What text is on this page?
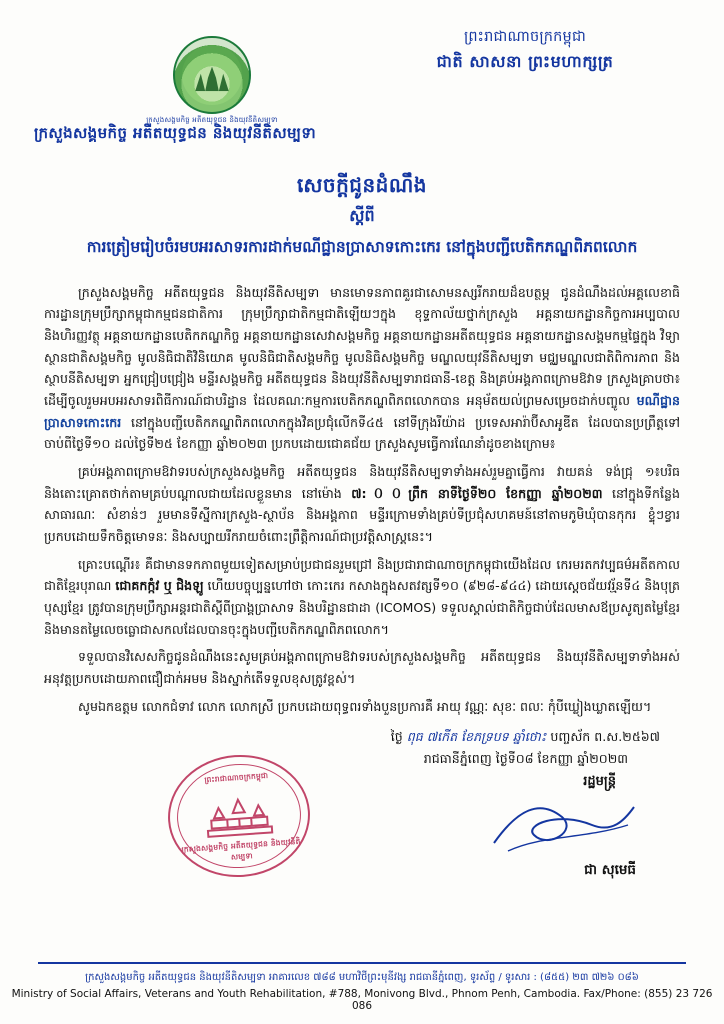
ព្រះរាជាណាចក្រកម្ពុជា
ជាតិ សាសនា ព្រះមហាក្សត្រ
ក្រសួងសង្គមកិច្ច អតីតយុទ្ធជន និងយុវនីតិសម្បទា
ក្រសួងសង្គមកិច្ច អតីតយុទ្ធជន និងយុវនីតិសម្បទា
សេចក្តីជូនដំណឹង
ស្តីពី
ការត្រៀមរៀបចំរមបអរសាទរការដាក់មណីជ្ឋានប្រាសាទកោះកេរ នៅក្នុងបញ្ជីបេតិកភណ្ឌពិភពលោក

ក្រសួងសង្គមកិច្ច អតីតយុទ្ធជន និងយុវនីតិសម្បទា មានមោទនភាពគួរជាសោមនស្សរីករាយដ៏ឧបត្ថម្ភ ជូនដំណឹងដល់អគ្គលេខាធិការដ្ឋានក្រុមប្រឹក្សាកម្ពុជាកម្មជនជាតិការ ក្រុមប្រឹក្សាជាតិកម្មជាតិឡើយៗក្នុង ខុទ្ទកាល័យថ្នាក់ក្រសួង អគ្គនាយកដ្ឋានកិច្ចការអប្បបាលនិងហិរញ្ញវត្ថុ អគ្គនាយកដ្ឋានបេតិកភណ្ឌកិច្ច អគ្គនាយកដ្ឋានសេវាសង្គមកិច្ច អគ្គនាយកដ្ឋានអតីតយុទ្ធជន អគ្គនាយកដ្ឋានសង្គមកម្មផ្ទៃក្នុង វិទ្យាស្ថានជាតិសង្គមកិច្ច មូលនិធិជាតិវិនិយោគ មូលនិធិជាតិសង្គមកិច្ច មូលនិធិសង្គមកិច្ច មណ្ឌលយុវនីតិសម្បទា មជ្ឈមណ្ឌលជាតិពិការភាព និងស្ថាបនីតិសម្បទា អ្នកជ្រៀបជ្រៀង មន្ទីរសង្គមកិច្ច អតីតយុទ្ធជន និងយុវនីតិសម្បទារាជធានី-ខេត្ត និងគ្រប់អង្គភាពក្រោមឱវាទ ក្រសួងគ្រាបថា៖ ដើម្បីចូលរួមអបអរសាទរពិធីការណ៍ជាបរិដ្ឋាន ដែលគណៈកម្មការបេតិកភណ្ឌពិភពលោកបាន អនុម័តយល់ព្រមសម្រេចដាក់បញ្ចូល មណីជ្ឋានប្រាសាទកោះកេរ នៅក្នុងបញ្ជីបេតិកភណ្ឌពិភពលោកក្នុងវិគប្រជុំលើកទី៤៥ នៅទីក្រុងរីយ៉ាដ ប្រទេសអារ៉ាប៊ីសាអូឌីត ដែលបានប្រព្រឹត្តទៅចាប់ពីថ្ងៃទី១០ ដល់ថ្ងៃទី២៥ ខែកញ្ញា ឆ្នាំ២០២៣ ប្រកបដោយជោគជ័យ ក្រសួងសូមធ្វើការណែនាំដូចខាងក្រោម៖

គ្រប់អង្គភាពក្រោមឱវាទរបស់ក្រសួងសង្គមកិច្ច អតីតយុទ្ធជន និងយុវនីតិសម្បទាទាំងអស់រួមគ្នាធ្វើការ វាយគន់ ទង់ជ្រុ ១៖បរិធ និងតោះគ្រោតថាក់តាមគ្រប់បណ្តាលជាយដែលខ្លួនមាន នៅម៉ោង ៧:００ព្រឹក នាទីថ្ងៃទី២០ ខែកញ្ញា ឆ្នាំ២០២៣ នៅក្នុងទីកន្លែងសាធារណៈ សំខាន់ៗ រួមមានទីស្នីការក្រសួង-ស្ថាប័ន និងអង្គភាព មន្ទីរក្រោមទាំងគ្រប់ទីប្រជុំសហគមន៍នៅតាមភូមិឃុំបានកុករ ខ្ទុំៗខ្វារ ប្រកបដោយទឹកចិត្តមោទនៈ និងសប្បាយរីករាយចំពោះព្រឹត្តិការណ៍ជាប្រវត្តិសាស្ត្រនេះ។

គ្រោះបណ្តើរ៖ គឺជាមានទកភាពមួយទៀតសម្រាប់ប្រជាជនរួមជ្រៅ និងប្រជារាជាណាចក្រកម្ពុជាយើងដែល កេរមរតកវប្បធម៌អតីតកាលជាតិខ្មែរបុរាណ ជោគកក្កំវ ឬ ជិងឡូ ហើយបច្ចុប្បន្នហៅថា កោះកេរ កសាងក្នុងសតវត្សទី១០ (៩២៨-៩៤៤) ដោយស្តេចជ័យវរ្ម័នទី៤ និងបុត្របុស្សខ្មែរ ត្រូវបានក្រុមប្រឹក្សាអន្តរជាតិស្តីពីប្រាង្គប្រាសាទ និងបរិដ្ឋានជាដា (ICOMOS) ទទួលស្គាល់ជាតិកិច្ចជាប់ដែលមាសឪប្រសូត្យតម្លៃខ្មែរ និងមានតម្លៃលេចធ្លោជាសកលដែលបានចុះក្នុងបញ្ជីបេតិកភណ្ឌពិភពលោក។

ទទួលបានវិសេសកិច្ចជូនដំណឹងនេះសូមគ្រប់អង្គភាពក្រោមឱវាទរបស់ក្រសួងសង្គមកិច្ច អតីតយុទ្ធជន និងយុវនីតិសម្បទាទាំងអស់អនុវត្តប្រកបដោយភាពជឿជាក់អមម និងស្នាក់តើទទួលខុសត្រូវខ្ពស់។

សូមឯកឧត្តម លោកជំទាវ លោក លោកស្រី ប្រកបដោយពុទ្ធពរទាំងបួនប្រការគឺ អាយុ វណ្ណៈ សុខៈ ពលៈ កុំបីឃ្លៀងឃ្លាតឡើយ។

ថ្ងៃ ពុធ ៧កើត ខែភទ្របទ ឆ្នាំថោះ បញ្ចស័ក ព.ស.២៥៦៧
រាជធានីភ្នំពេញ ថ្ងៃទី០៨ ខែកញ្ញា ឆ្នាំ២០២៣
រដ្ឋមន្ត្រី
ជា សុមេធី
ព្រះរាជាណាចក្រកម្ពុជា
ក្រសួងសង្គមកិច្ច អតីតយុទ្ធជន និងយុវនីតិសម្បទា
ក្រសួងសង្គមកិច្ច អតីតយុទ្ធជន និងយុវនីតិសម្បទា អាគារលេខ ៧៨៨ មហាវិថីព្រះមុនីវង្ស រាជធានីភ្នំពេញ, ទូរស័ព្ទ / ទូរសារ : (៨៥៥) ២៣ ៧២៦ ០៨៦
Ministry of Social Affairs, Veterans and Youth Rehabilitation, #788, Monivong Blvd., Phnom Penh, Cambodia. Fax/Phone: (855) 23 726 086
